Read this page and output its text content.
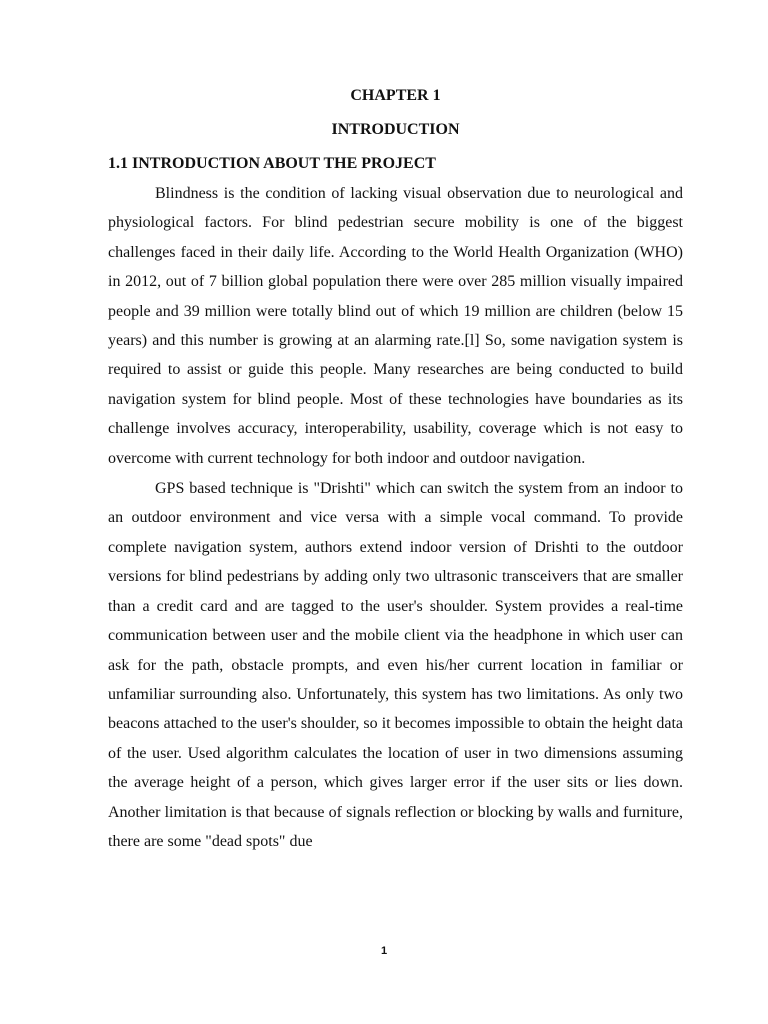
CHAPTER 1

INTRODUCTION

1.1 INTRODUCTION ABOUT THE PROJECT

Blindness is the condition of lacking visual observation due to neurological and physiological factors. For blind pedestrian secure mobility is one of the biggest challenges faced in their daily life. According to the World Health Organization (WHO) in 2012, out of 7 billion global population there were over 285 million visually impaired people and 39 million were totally blind out of which 19 million are children (below 15 years) and this number is growing at an alarming rate.[l] So, some navigation system is required to assist or guide this people. Many researches are being conducted to build navigation system for blind people. Most of these technologies have boundaries as its challenge involves accuracy, interoperability, usability, coverage which is not easy to overcome with current technology for both indoor and outdoor navigation.

GPS based technique is "Drishti" which can switch the system from an indoor to an outdoor environment and vice versa with a simple vocal command. To provide complete navigation system, authors extend indoor version of Drishti to the outdoor versions for blind pedestrians by adding only two ultrasonic transceivers that are smaller than a credit card and are tagged to the user's shoulder. System provides a real-time communication between user and the mobile client via the headphone in which user can ask for the path, obstacle prompts, and even his/her current location in familiar or unfamiliar surrounding also. Unfortunately, this system has two limitations. As only two beacons attached to the user's shoulder, so it becomes impossible to obtain the height data of the user. Used algorithm calculates the location of user in two dimensions assuming the average height of a person, which gives larger error if the user sits or lies down. Another limitation is that because of signals reflection or blocking by walls and furniture, there are some "dead spots" due

1
